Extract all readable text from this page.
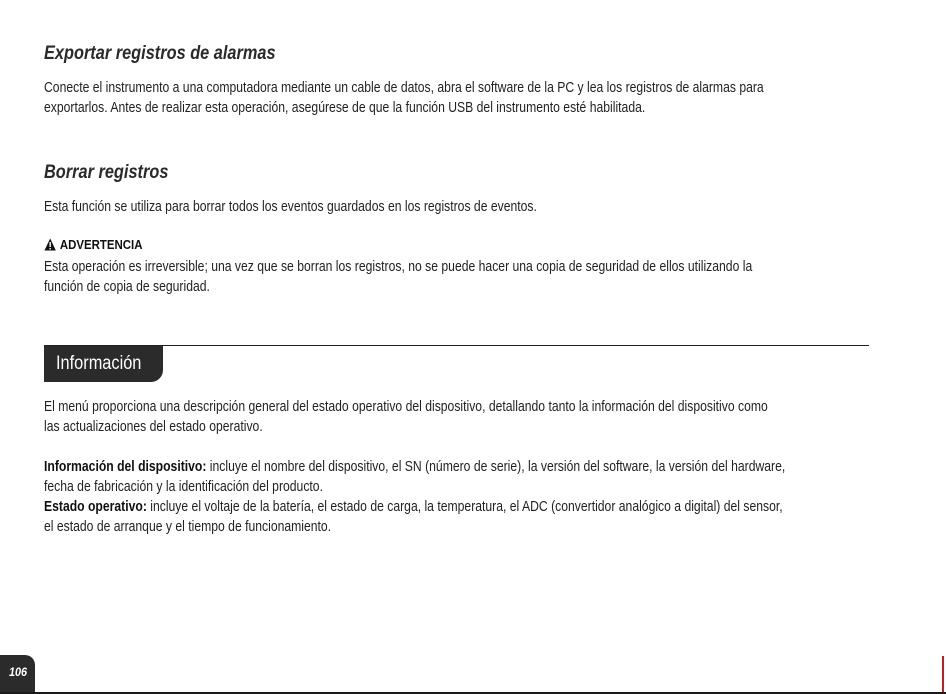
Exportar registros de alarmas

Conecte el instrumento a una computadora mediante un cable de datos, abra el software de la PC y lea los registros de alarmas para

exportarlos. Antes de realizar esta operación, asegúrese de que la función USB del instrumento esté habilitada.

Borrar registros

Esta función se utiliza para borrar todos los eventos guardados en los registros de eventos.

ADVERTENCIA

Esta operación es irreversible; una vez que se borran los registros, no se puede hacer una copia de seguridad de ellos utilizando la

función de copia de seguridad.

Información

El menú proporciona una descripción general del estado operativo del dispositivo, detallando tanto la información del dispositivo como

las actualizaciones del estado operativo.

Información del dispositivo: incluye el nombre del dispositivo, el SN (número de serie), la versión del software, la versión del hardware,

fecha de fabricación y la identificación del producto.

Estado operativo: incluye el voltaje de la batería, el estado de carga, la temperatura, el ADC (convertidor analógico a digital) del sensor,

el estado de arranque y el tiempo de funcionamiento.

106
